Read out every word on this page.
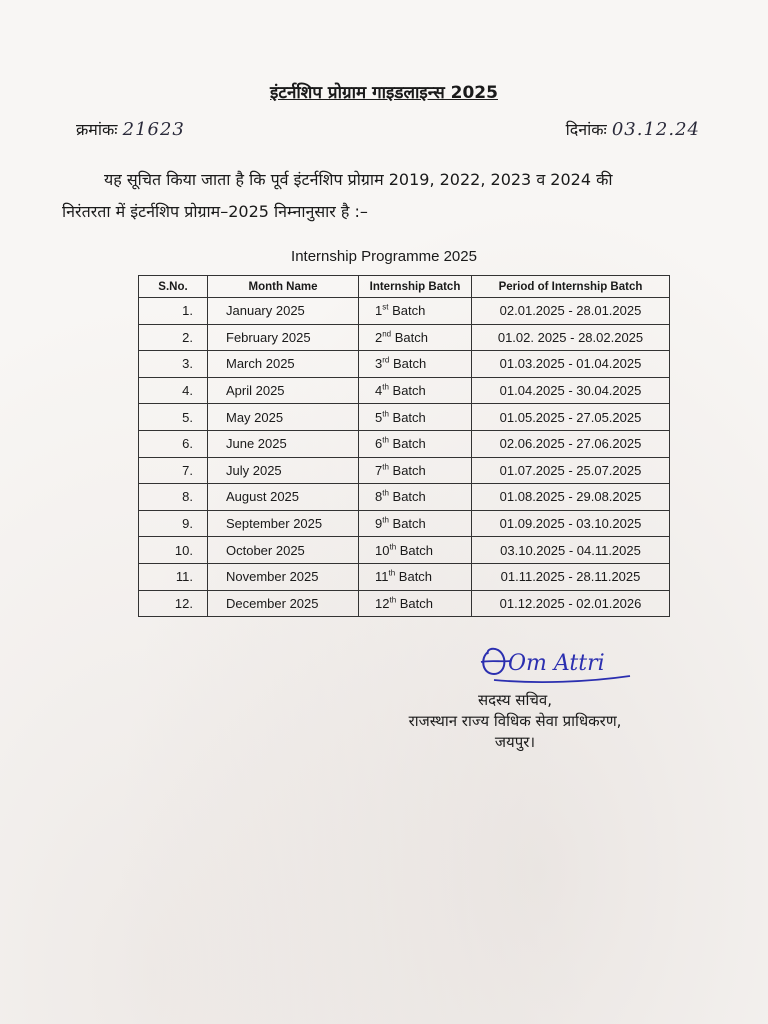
इंटर्नशिप प्रोग्राम गाइडलाइन्स 2025
क्रमांकः 21623	दिनांकः 03.12.24
यह सूचित किया जाता है कि पूर्व इंटर्नशिप प्रोग्राम 2019, 2022, 2023 व 2024 की
निरंतरता में इंटर्नशिप प्रोग्राम–2025 निम्नानुसार है :–
Internship Programme 2025
S.No.	Month Name	Internship Batch	Period of Internship Batch
1.	January 2025	1st Batch	02.01.2025 - 28.01.2025
2.	February 2025	2nd Batch	01.02. 2025 - 28.02.2025
3.	March 2025	3rd Batch	01.03.2025 - 01.04.2025
4.	April 2025	4th Batch	01.04.2025 - 30.04.2025
5.	May 2025	5th Batch	01.05.2025 - 27.05.2025
6.	June 2025	6th Batch	02.06.2025 - 27.06.2025
7.	July 2025	7th Batch	01.07.2025 - 25.07.2025
8.	August 2025	8th Batch	01.08.2025 - 29.08.2025
9.	September 2025	9th Batch	01.09.2025 - 03.10.2025
10.	October 2025	10th Batch	03.10.2025 - 04.11.2025
11.	November 2025	11th Batch	01.11.2025 - 28.11.2025
12.	December 2025	12th Batch	01.12.2025 - 02.01.2026
Om Attri
सदस्य सचिव,
राजस्थान राज्य विधिक सेवा प्राधिकरण,
जयपुर।
